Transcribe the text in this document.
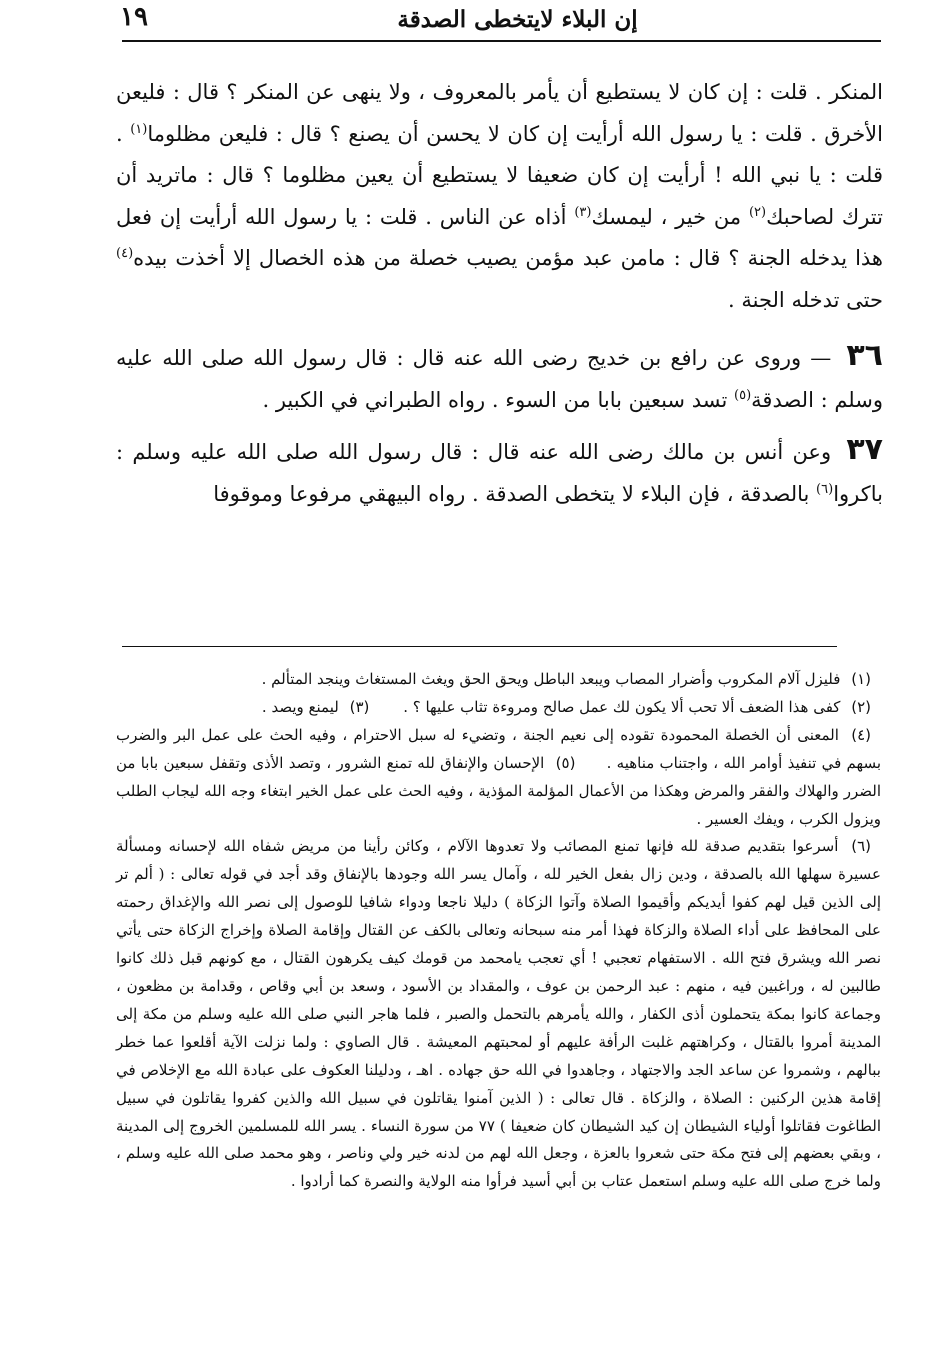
١٩	إن البلاء لايتخطى الصدقة

المنكر . قلت : إن كان لا يستطيع أن يأمر بالمعروف ، ولا ينهى عن المنكر ؟ قال : فليعن الأخرق . قلت : يا رسول الله أرأيت إن كان لا يحسن أن يصنع ؟ قال : فليعن مظلوما$^{(١)}$ . قلت : يا نبي الله ! أرأيت إن كان ضعيفا لا يستطيع أن يعين مظلوما ؟ قال : ماتريد أن تترك لصاحبك$^{(٢)}$ من خير ، ليمسك$^{(٣)}$ أذاه عن الناس . قلت : يا رسول الله أرأيت إن فعل هذا يدخله الجنة ؟ قال : مامن عبد مؤمن يصيب خصلة من هذه الخصال إلا أخذت بيده$^{(٤)}$ حتى تدخله الجنة .

٣٦ — وروى عن رافع بن خديج رضى الله عنه قال : قال رسول الله صلى الله عليه وسلم : الصدقة$^{(٥)}$ تسد سبعين بابا من السوء . رواه الطبراني في الكبير .

٣٧ وعن أنس بن مالك رضى الله عنه قال : قال رسول الله صلى الله عليه وسلم : باكروا$^{(٦)}$ بالصدقة ، فإن البلاء لا يتخطى الصدقة . رواه البيهقي مرفوعا وموقوفا

(١) فليزل آلام المكروب وأضرار المصاب ويبعد الباطل ويحق الحق ويغث المستغاث وينجد المتألم .

(٢) كفى هذا الضعف ألا تحب ألا يكون لك عمل صالح ومروءة تثاب عليها ؟ .     (٣) ليمنع ويصد .

(٤) المعنى أن الخصلة المحمودة تقوده إلى نعيم الجنة ، وتضيء له سبل الاحترام ، وفيه الحث على عمل البر والضرب بسهم في تنفيذ أوامر الله ، واجتناب مناهيه .    (٥) الإحسان والإنفاق لله تمنع الشرور ، وتصد الأذى وتقفل سبعين بابا من الضرر والهلاك والفقر والمرض وهكذا من الأعمال المؤلمة المؤذية ، وفيه الحث على عمل الخير ابتغاء وجه الله ليجاب الطلب ويزول الكرب ، ويفك العسير .

(٦) أسرعوا بتقديم صدقة لله فإنها تمنع المصائب ولا تعدوها الآلام ، وكائن رأينا من مريض شفاه الله لإحسانه ومسألة عسيرة سهلها الله بالصدقة ، ودين زال بفعل الخير لله ، وآمال يسر الله وجودها بالإنفاق وقد أجد في قوله تعالى : ( ألم تر إلى الذين قيل لهم كفوا أيديكم وأقيموا الصلاة وآتوا الزكاة ) دليلا ناجعا ودواء شافيا للوصول إلى نصر الله والإغداق رحمته على المحافظ على أداء الصلاة والزكاة فهذا أمر منه سبحانه وتعالى بالكف عن القتال وإقامة الصلاة وإخراج الزكاة حتى يأتي نصر الله ويشرق فتح الله . الاستفهام تعجبي ! أي تعجب يامحمد من قومك كيف يكرهون القتال ، مع كونهم قبل ذلك كانوا طالبين له ، وراغبين فيه ، منهم : عبد الرحمن بن عوف ، والمقداد بن الأسود ، وسعد بن أبي وقاص ، وقدامة بن مظعون ، وجماعة كانوا بمكة يتحملون أذى الكفار ، والله يأمرهم بالتحمل والصبر ، فلما هاجر النبي صلى الله عليه وسلم من مكة إلى المدينة أمروا بالقتال ، وكراهتهم غلبت الرأفة عليهم أو لمحبتهم المعيشة . قال الصاوي : ولما نزلت الآية أقلعوا عما خطر ببالهم ، وشمروا عن ساعد الجد والاجتهاد ، وجاهدوا في الله حق جهاده . اهـ ، ودليلنا العكوف على عبادة الله مع الإخلاص في إقامة هذين الركنين : الصلاة ، والزكاة . قال تعالى : ( الذين آمنوا يقاتلون في سبيل الله والذين كفروا يقاتلون في سبيل الطاغوت فقاتلوا أولياء الشيطان إن كيد الشيطان كان ضعيفا ) ٧٧ من سورة النساء . يسر الله للمسلمين الخروج إلى المدينة ، وبقي بعضهم إلى فتح مكة حتى شعروا بالعزة ، وجعل الله لهم من لدنه خير ولي وناصر ، وهو محمد صلى الله عليه وسلم ، ولما خرج صلى الله عليه وسلم استعمل عتاب بن أبي أسيد فرأوا منه الولاية والنصرة كما أرادوا .
